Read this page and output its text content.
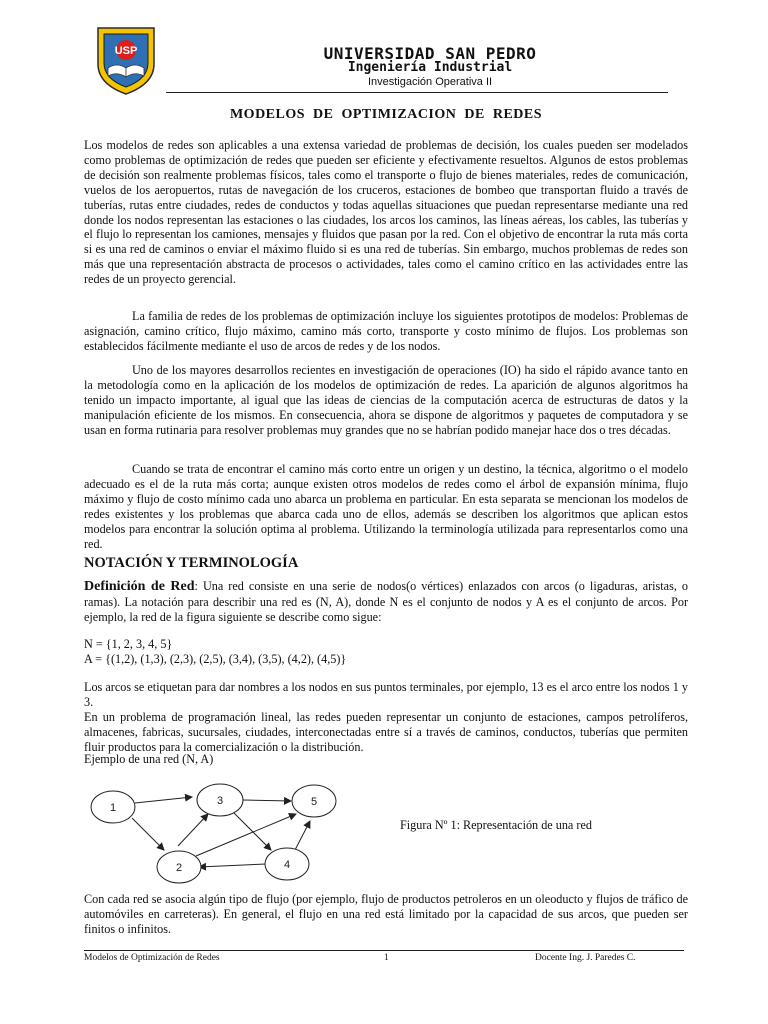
USP	UNIVERSIDAD SAN PEDRO
Ingeniería Industrial
Investigación Operativa II
MODELOS DE OPTIMIZACION DE REDES

Los modelos de redes son aplicables a una extensa variedad de problemas de decisión, los cuales pueden ser modelados como problemas de optimización de redes que pueden ser eficiente y efectivamente resueltos. Algunos de estos problemas de decisión son realmente problemas físicos, tales como el transporte o flujo de bienes materiales, redes de comunicación, vuelos de los aeropuertos, rutas de navegación de los cruceros, estaciones de bombeo que transportan fluido a través de tuberías, rutas entre ciudades, redes de conductos y todas aquellas situaciones que puedan representarse mediante una red donde los nodos representan las estaciones o las ciudades, los arcos los caminos, las líneas aéreas, los cables, las tuberías y el flujo lo representan los camiones, mensajes y fluidos que pasan por la red. Con el objetivo de encontrar la ruta más corta si es una red de caminos o enviar el máximo fluido si es una red de tuberías. Sin embargo, muchos problemas de redes son más que una representación abstracta de procesos o actividades, tales como el camino crítico en las actividades entre las redes de un proyecto gerencial.

La familia de redes de los problemas de optimización incluye los siguientes prototipos de modelos: Problemas de asignación, camino crítico, flujo máximo, camino más corto, transporte y costo mínimo de flujos. Los problemas son establecidos fácilmente mediante el uso de arcos de redes y de los nodos.

Uno de los mayores desarrollos recientes en investigación de operaciones (IO) ha sido el rápido avance tanto en la metodología como en la aplicación de los modelos de optimización de redes. La aparición de algunos algoritmos ha tenido un impacto importante, al igual que las ideas de ciencias de la computación acerca de estructuras de datos y la manipulación eficiente de los mismos. En consecuencia, ahora se dispone de algoritmos y paquetes de computadora y se usan en forma rutinaria para resolver problemas muy grandes que no se habrían podido manejar hace dos o tres décadas.

Cuando se trata de encontrar el camino más corto entre un origen y un destino, la técnica, algoritmo o el modelo adecuado es el de la ruta más corta; aunque existen otros modelos de redes como el árbol de expansión mínima, flujo máximo y flujo de costo mínimo cada uno abarca un problema en particular. En esta separata se mencionan los modelos de redes existentes y los problemas que abarca cada uno de ellos, además se describen los algoritmos que aplican estos modelos para encontrar la solución optima al problema. Utilizando la terminología utilizada para representarlos como una red.

NOTACIÓN Y TERMINOLOGÍA

Definición de Red: Una red consiste en una serie de nodos(o vértices) enlazados con arcos (o ligaduras, aristas, o ramas). La notación para describir una red es (N, A), donde N es el conjunto de nodos y A es el conjunto de arcos. Por ejemplo, la red de la figura siguiente se describe como sigue:

N = {1, 2, 3, 4, 5}
A = {(1,2), (1,3), (2,3), (2,5), (3,4), (3,5), (4,2), (4,5)}

Los arcos se etiquetan para dar nombres a los nodos en sus puntos terminales, por ejemplo, 13 es el arco entre los nodos 1 y 3.

En un problema de programación lineal, las redes pueden representar un conjunto de estaciones, campos petrolíferos, almacenes, fabricas, sucursales, ciudades, interconectadas entre sí a través de caminos, conductos, tuberías que permiten fluir productos para la comercialización o la distribución.

Ejemplo de una red (N, A)
1
3	5
2	4
Figura Nº 1: Representación de una red

Con cada red se asocia algún tipo de flujo (por ejemplo, flujo de productos petroleros en un oleoducto y flujos de tráfico de automóviles en carreteras). En general, el flujo en una red está limitado por la capacidad de sus arcos, que pueden ser finitos o infinitos.

Modelos de Optimización de Redes	1	Docente Ing. J. Paredes C.
